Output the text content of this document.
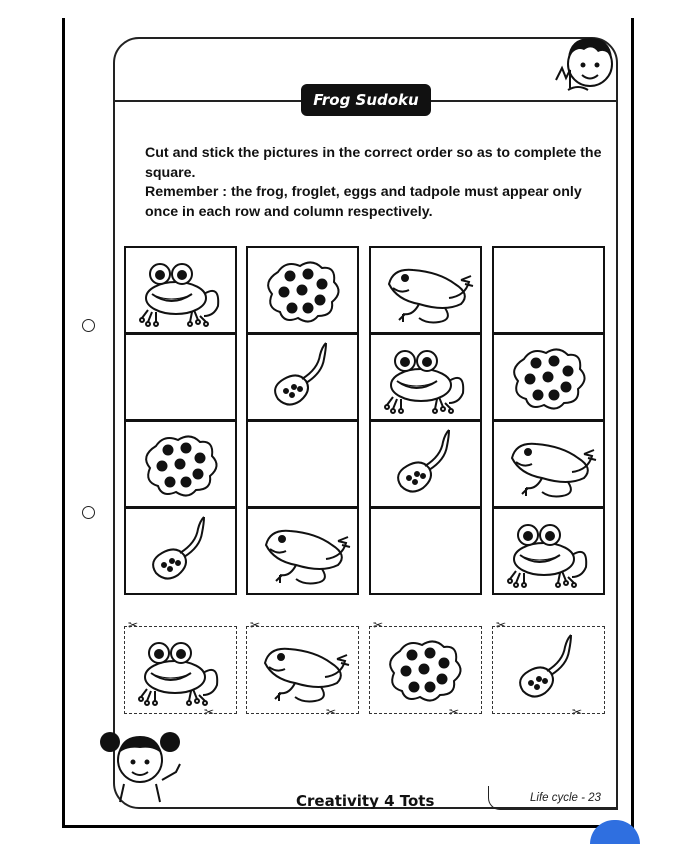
Frog Sudoku

Cut and stick the pictures in the correct order so as to complete the square.

Remember : the frog, froglet, eggs and tadpole must appear only once in each row and column respectively.

✂
✂
✂
✂
✂
✂
✂
✂
Creativity 4 Tots	Life cycle - 23
